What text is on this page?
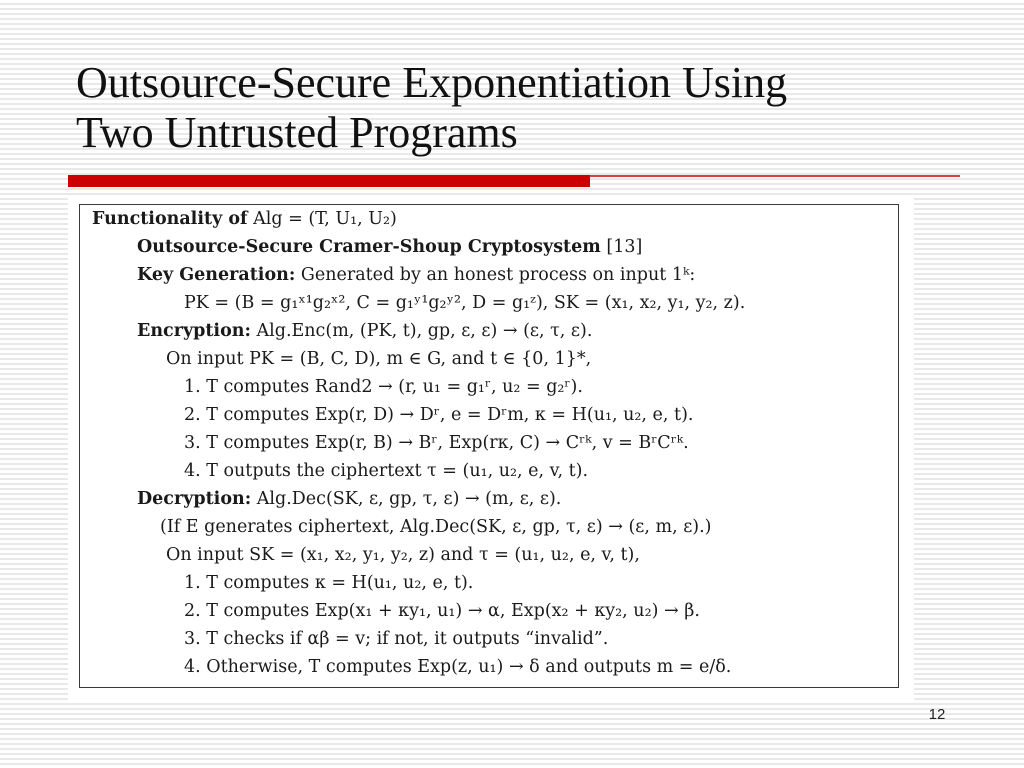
Outsource-Secure Exponentiation Using
Two Untrusted Programs
Functionality of Alg = (T, U₁, U₂)
Outsource-Secure Cramer-Shoup Cryptosystem [13]
Key Generation: Generated by an honest process on input 1ᵏ:
PK = (B = g₁ˣ¹g₂ˣ², C = g₁ʸ¹g₂ʸ², D = g₁ᶻ), SK = (x₁, x₂, y₁, y₂, z).
Encryption: Alg.Enc(m, (PK, t), gp, ε, ε) → (ε, τ, ε).
On input PK = (B, C, D), m ∈ G, and t ∈ {0, 1}*,
1. T computes Rand2 → (r, u₁ = g₁ʳ, u₂ = g₂ʳ).
2. T computes Exp(r, D) → Dʳ, e = Dʳm, κ = H(u₁, u₂, e, t).
3. T computes Exp(r, B) → Bʳ, Exp(rκ, C) → Cʳᵏ, v = BʳCʳᵏ.
4. T outputs the ciphertext τ = (u₁, u₂, e, v, t).
Decryption: Alg.Dec(SK, ε, gp, τ, ε) → (m, ε, ε).
(If E generates ciphertext, Alg.Dec(SK, ε, gp, τ, ε) → (ε, m, ε).)
On input SK = (x₁, x₂, y₁, y₂, z) and τ = (u₁, u₂, e, v, t),
1. T computes κ = H(u₁, u₂, e, t).
2. T computes Exp(x₁ + κy₁, u₁) → α, Exp(x₂ + κy₂, u₂) → β.
3. T checks if αβ = v; if not, it outputs “invalid”.
4. Otherwise, T computes Exp(z, u₁) → δ and outputs m = e/δ.
12
